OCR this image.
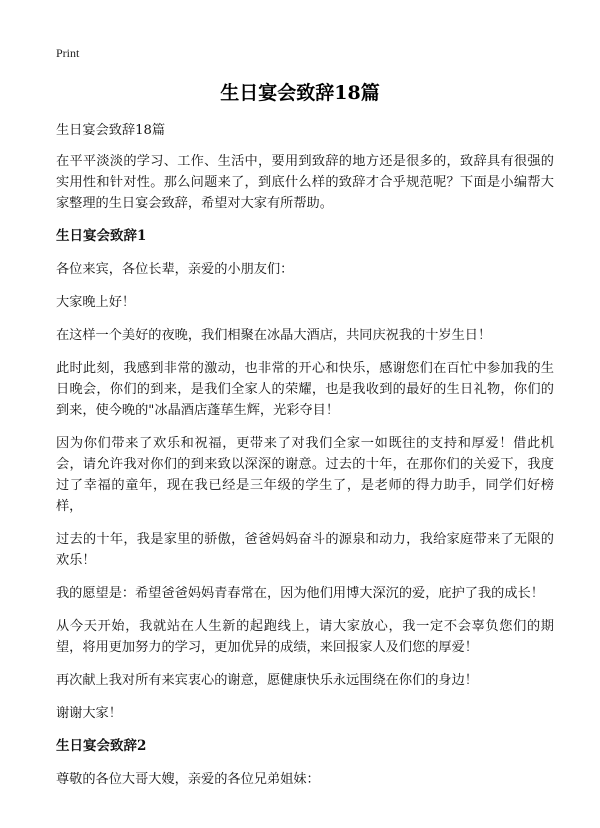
Print
生日宴会致辞18篇

生日宴会致辞18篇

在平平淡淡的学习、工作、生活中，要用到致辞的地方还是很多的，致辞具有很强的实用性和针对性。那么问题来了，到底什么样的致辞才合乎规范呢？下面是小编帮大家整理的生日宴会致辞，希望对大家有所帮助。

生日宴会致辞1

各位来宾，各位长辈，亲爱的小朋友们：

大家晚上好！

在这样一个美好的夜晚，我们相聚在冰晶大酒店，共同庆祝我的十岁生日！

此时此刻，我感到非常的激动，也非常的开心和快乐，感谢您们在百忙中参加我的生日晚会，你们的到来，是我们全家人的荣耀，也是我收到的最好的生日礼物，你们的到来，使今晚的"冰晶酒店蓬荜生辉，光彩夺目！

因为你们带来了欢乐和祝福，更带来了对我们全家一如既往的支持和厚爱！借此机会，请允许我对你们的到来致以深深的谢意。过去的十年，在那你们的关爱下，我度过了幸福的童年，现在我已经是三年级的学生了，是老师的得力助手，同学们好榜样，

过去的十年，我是家里的骄傲，爸爸妈妈奋斗的源泉和动力，我给家庭带来了无限的欢乐！

我的愿望是：希望爸爸妈妈青春常在，因为他们用博大深沉的爱，庇护了我的成长！

从今天开始，我就站在人生新的起跑线上，请大家放心，我一定不会辜负您们的期望，将用更加努力的学习，更加优异的成绩，来回报家人及们您的厚爱！

再次献上我对所有来宾衷心的谢意，愿健康快乐永远围绕在你们的身边！

谢谢大家！

生日宴会致辞2

尊敬的各位大哥大嫂，亲爱的各位兄弟姐妹：
